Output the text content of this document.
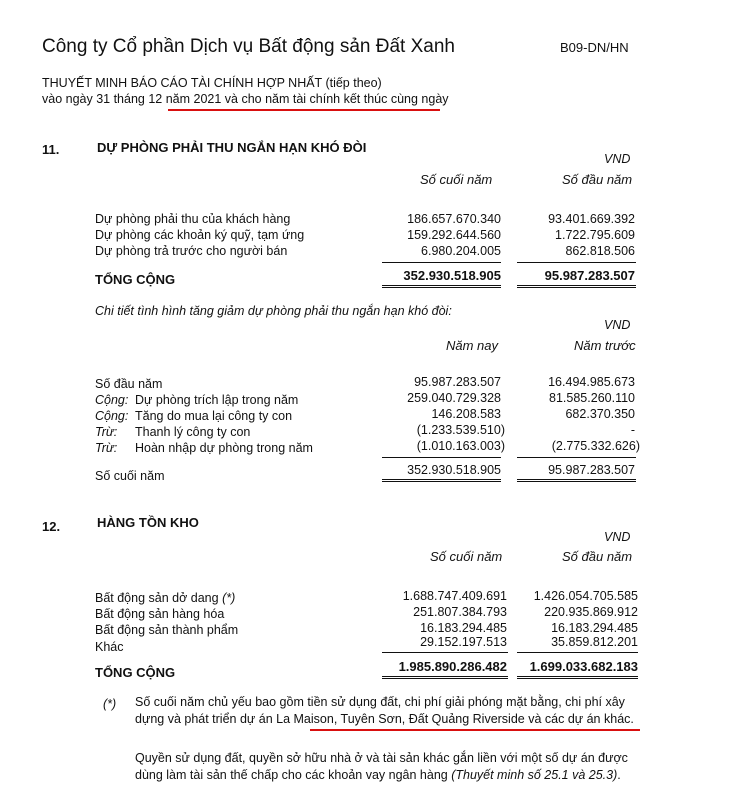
Công ty Cổ phần Dịch vụ Bất động sản Đất Xanh	B09-DN/HN
THUYẾT MINH BÁO CÁO TÀI CHÍNH HỢP NHẤT (tiếp theo)
vào ngày 31 tháng 12 năm 2021 và cho năm tài chính kết thúc cùng ngày
11.	DỰ PHÒNG PHẢI THU NGẮN HẠN KHÓ ĐÒI
VND
Số cuối năm	Số đầu năm
Dự phòng phải thu của khách hàng	186.657.670.340	93.401.669.392
Dự phòng các khoản ký quỹ, tạm ứng	159.292.644.560	1.722.795.609
Dự phòng trả trước cho người bán	6.980.204.005	862.818.506
TỔNG CỘNG	352.930.518.905	95.987.283.507
Chi tiết tình hình tăng giảm dự phòng phải thu ngắn hạn khó đòi:
VND
Năm nay	Năm trước
Số đầu năm	95.987.283.507	16.494.985.673
Cộng: Dự phòng trích lập trong năm	259.040.729.328	81.585.260.110
Cộng: Tăng do mua lại công ty con	146.208.583	682.370.350
Trừ: Thanh lý công ty con	(1.233.539.510)	-
Trừ: Hoàn nhập dự phòng trong năm	(1.010.163.003)	(2.775.332.626)
Số cuối năm	352.930.518.905	95.987.283.507
12.	HÀNG TỒN KHO
VND
Số cuối năm	Số đầu năm
Bất động sản dở dang (*)	1.688.747.409.691	1.426.054.705.585
Bất động sản hàng hóa	251.807.384.793	220.935.869.912
Bất động sản thành phẩm	16.183.294.485	16.183.294.485
Khác	29.152.197.513	35.859.812.201
TỔNG CỘNG	1.985.890.286.482	1.699.033.682.183
(*) Số cuối năm chủ yếu bao gồm tiền sử dụng đất, chi phí giải phóng mặt bằng, chi phí xây dựng và phát triển dự án La Maison, Tuyên Sơn, Đất Quảng Riverside và các dự án khác.
Quyền sử dụng đất, quyền sở hữu nhà ở và tài sản khác gắn liền với một số dự án được dùng làm tài sản thế chấp cho các khoản vay ngân hàng (Thuyết minh số 25.1 và 25.3).
